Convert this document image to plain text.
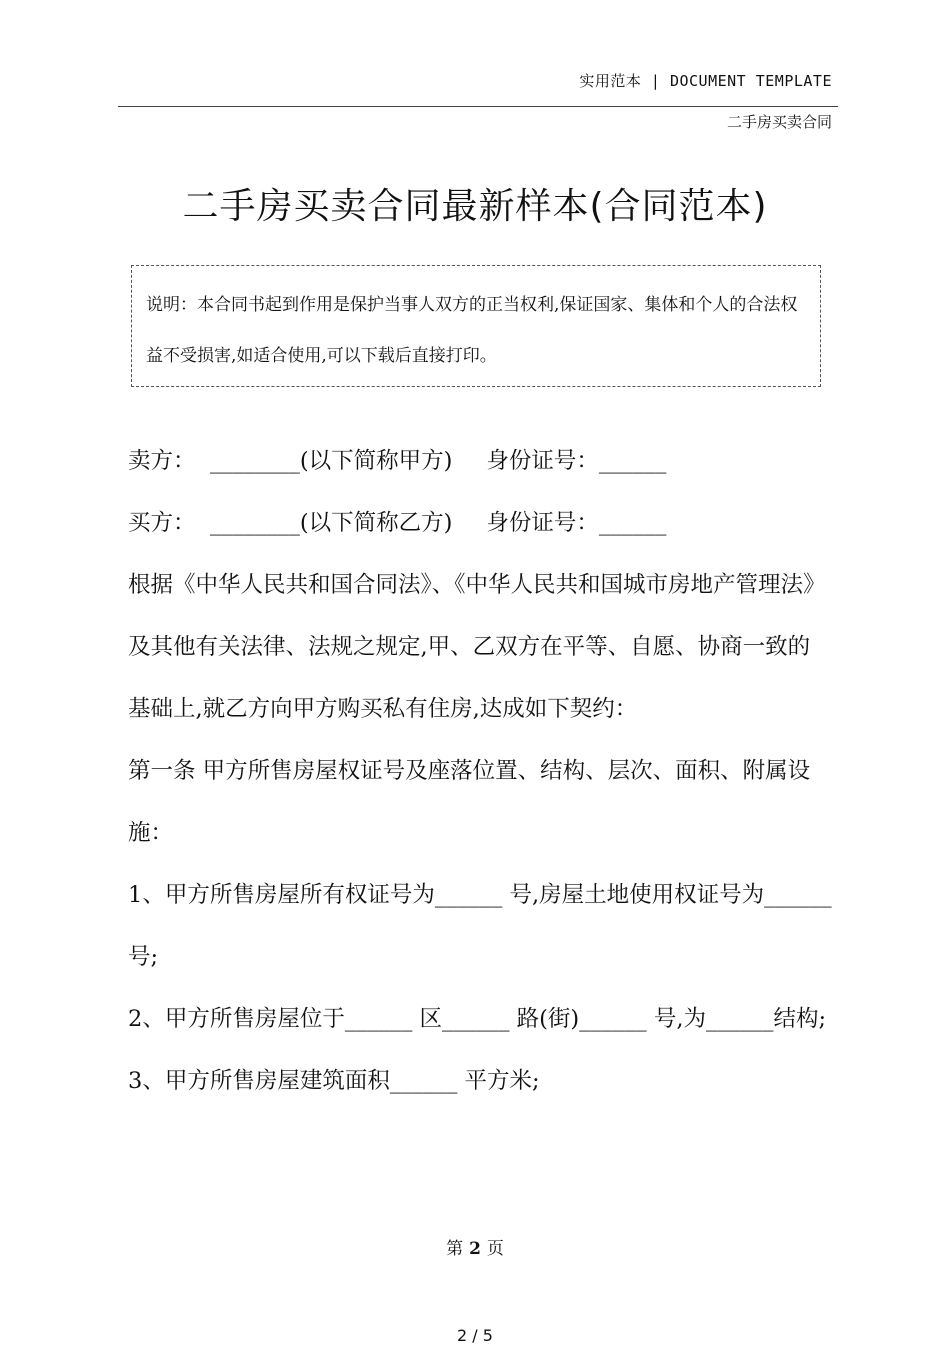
实用范本 | DOCUMENT TEMPLATE
二手房买卖合同
二手房买卖合同最新样本(合同范本)
说明：本合同书起到作用是保护当事人双方的正当权利,保证国家、集体和个人的合法权益不受损害,如适合使用,可以下载后直接打印。

卖方： ________(以下简称甲方) 身份证号：______

买方： ________(以下简称乙方) 身份证号：______

根据《中华人民共和国合同法》、《中华人民共和国城市房地产管理法》及其他有关法律、法规之规定,甲、乙双方在平等、自愿、协商一致的基础上,就乙方向甲方购买私有住房,达成如下契约：

第一条 甲方所售房屋权证号及座落位置、结构、层次、面积、附属设施：

1、甲方所售房屋所有权证号为______ 号,房屋土地使用权证号为______ 号;

2、甲方所售房屋位于______ 区______ 路(街)______ 号,为______结构;

3、甲方所售房屋建筑面积______ 平方米;

第 2 页
2 / 5
